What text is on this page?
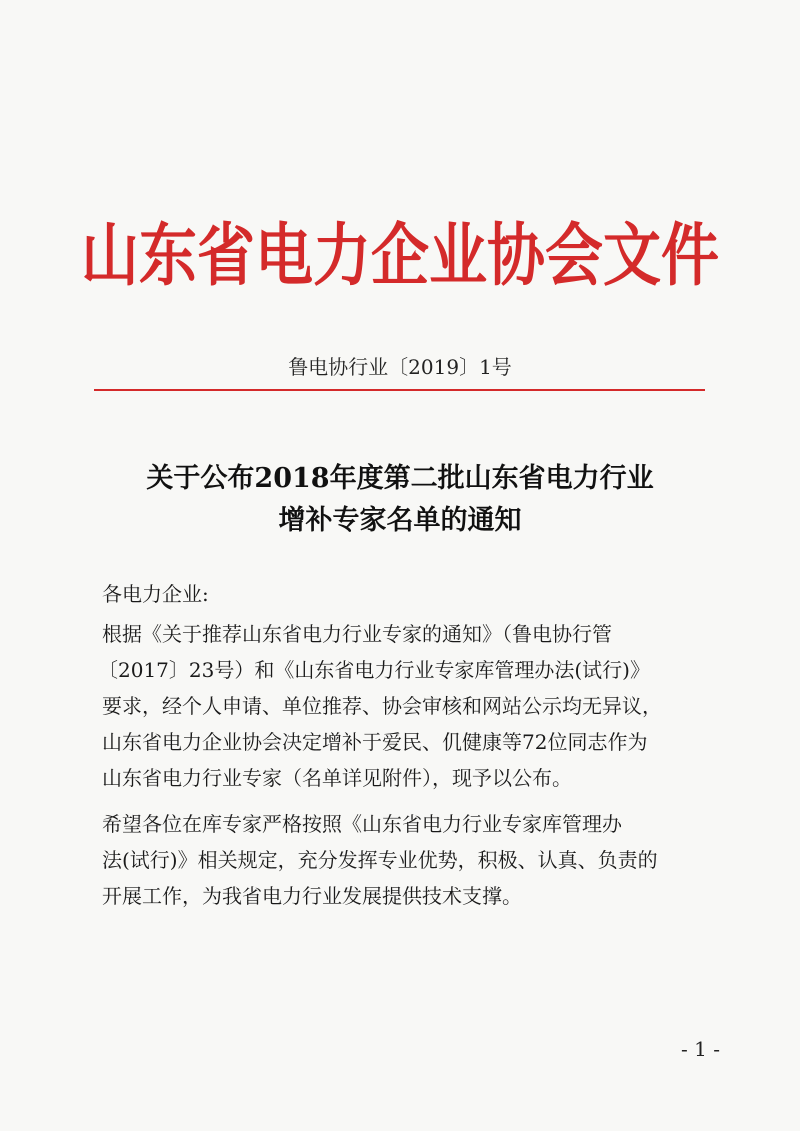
山东省电力企业协会文件
鲁电协行业〔2019〕1号
关于公布2018年度第二批山东省电力行业
增补专家名单的通知
各电力企业:
根据《关于推荐山东省电力行业专家的通知》（鲁电协行管
〔2017〕23号）和《山东省电力行业专家库管理办法(试行)》
要求，经个人申请、单位推荐、协会审核和网站公示均无异议，
山东省电力企业协会决定增补于爱民、仉健康等72位同志作为
山东省电力行业专家（名单详见附件），现予以公布。
希望各位在库专家严格按照《山东省电力行业专家库管理办
法(试行)》相关规定，充分发挥专业优势，积极、认真、负责的
开展工作，为我省电力行业发展提供技术支撑。
- 1 -
